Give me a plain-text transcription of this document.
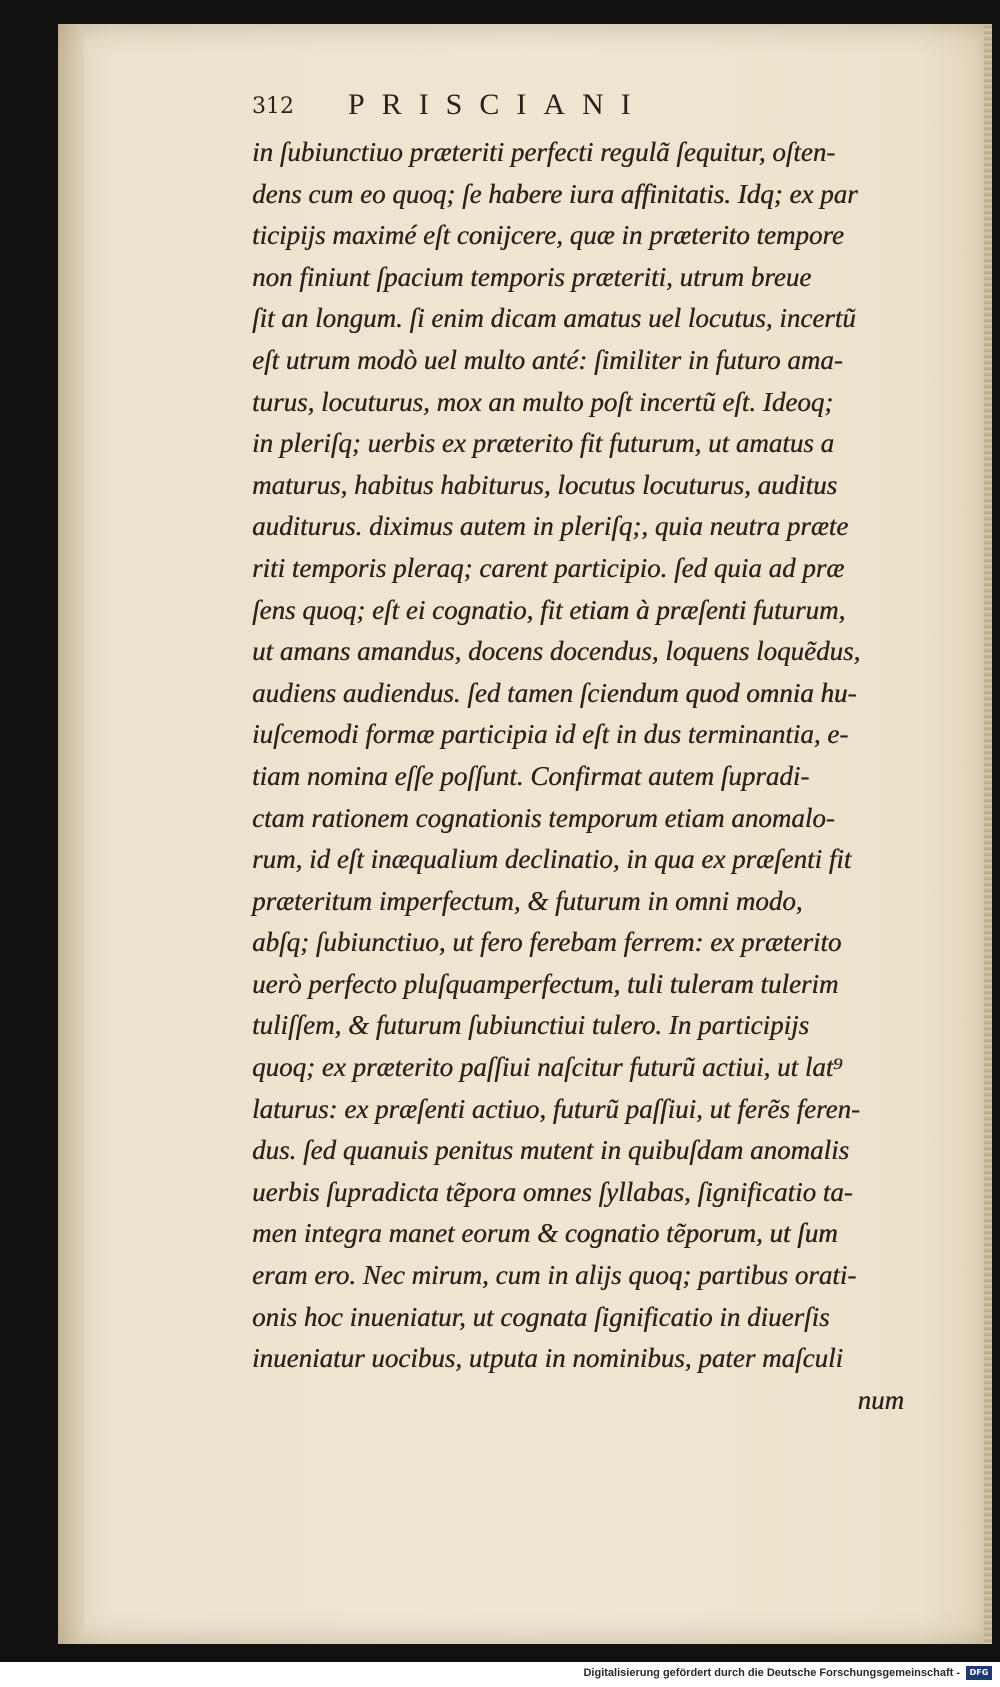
312 PRISCIANI
in ſubiunctiuo præteriti perfecti regulã ſequitur, oſten-
dens cum eo quoq; ſe habere iura affinitatis. Idq; ex par
ticipijs maximé eſt conijcere, quæ in præterito tempore
non finiunt ſpacium temporis præteriti, utrum breue
ſit an longum. ſi enim dicam amatus uel locutus, incertũ
eſt utrum modò uel multo anté: ſimiliter in futuro ama-
turus, locuturus, mox an multo poſt incertũ eſt. Ideoq;
in pleriſq; uerbis ex præterito fit futurum, ut amatus a
maturus, habitus habiturus, locutus locuturus, auditus
auditurus. diximus autem in pleriſq;, quia neutra præte
riti temporis pleraq; carent participio. ſed quia ad præ
ſens quoq; eſt ei cognatio, fit etiam à præſenti futurum,
ut amans amandus, docens docendus, loquens loquẽdus,
audiens audiendus. ſed tamen ſciendum quod omnia hu-
iuſcemodi formæ participia id eſt in dus terminantia, e-
tiam nomina eſſe poſſunt. Confirmat autem ſupradi-
ctam rationem cognationis temporum etiam anomalo-
rum, id eſt inæqualium declinatio, in qua ex præſenti fit
præteritum imperfectum, & futurum in omni modo,
abſq; ſubiunctiuo, ut fero ferebam ferrem: ex præterito
uerò perfecto pluſquamperfectum, tuli tuleram tulerim
tuliſſem, & futurum ſubiunctiui tulero. In participijs
quoq; ex præterito paſſiui naſcitur futurũ actiui, ut lat⁹
laturus: ex præſenti actiuo, futurũ paſſiui, ut ferẽs feren-
dus. ſed quanuis penitus mutent in quibuſdam anomalis
uerbis ſupradicta tẽpora omnes ſyllabas, ſignificatio ta-
men integra manet eorum & cognatio tẽporum, ut ſum
eram ero. Nec mirum, cum in alijs quoq; partibus orati-
onis hoc inueniatur, ut cognata ſignificatio in diuerſis
inueniatur uocibus, utputa in nominibus, pater maſculi
num
Digitalisierung gefördert durch die Deutsche Forschungsgemeinschaft -	DFG
